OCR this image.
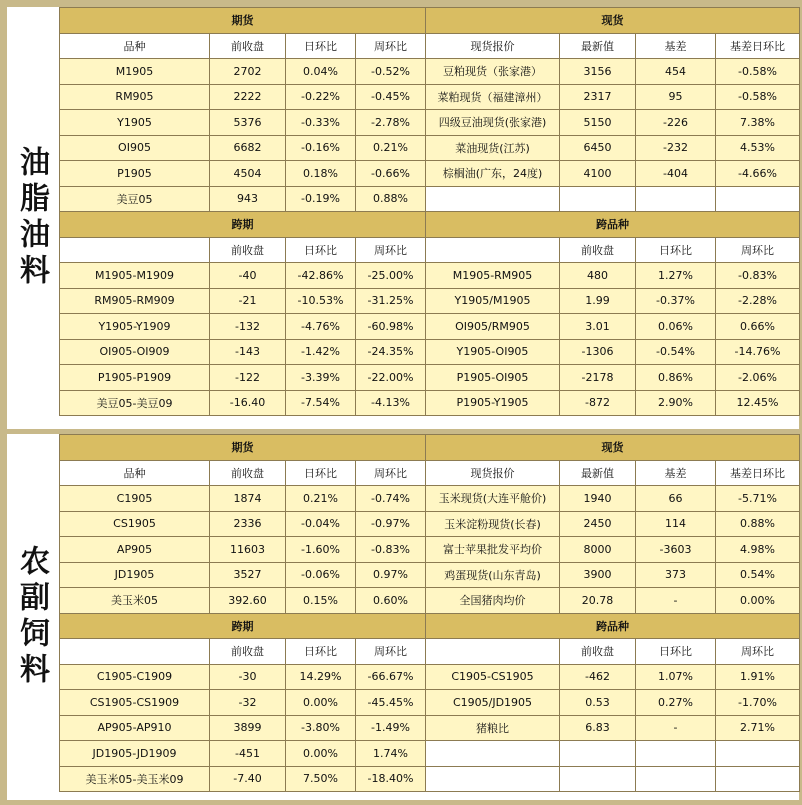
油脂油料
期货				现货			
品种	前收盘	日环比	周环比	现货报价	最新值	基差	基差日环比
M1905	2702	0.04%	-0.52%	豆粕现货（张家港）	3156	454	-0.58%
RM905	2222	-0.22%	-0.45%	菜粕现货（福建漳州）	2317	95	-0.58%
Y1905	5376	-0.33%	-2.78%	四级豆油现货(张家港)	5150	-226	7.38%
OI905	6682	-0.16%	0.21%	菜油现货(江苏)	6450	-232	4.53%
P1905	4504	0.18%	-0.66%	棕榈油(广东，24度)	4100	-404	-4.66%
美豆05	943	-0.19%	0.88%				
跨期				跨品种			
	前收盘	日环比	周环比		前收盘	日环比	周环比
M1905-M1909	-40	-42.86%	-25.00%	M1905-RM905	480	1.27%	-0.83%
RM905-RM909	-21	-10.53%	-31.25%	Y1905/M1905	1.99	-0.37%	-2.28%
Y1905-Y1909	-132	-4.76%	-60.98%	OI905/RM905	3.01	0.06%	0.66%
OI905-OI909	-143	-1.42%	-24.35%	Y1905-OI905	-1306	-0.54%	-14.76%
P1905-P1909	-122	-3.39%	-22.00%	P1905-OI905	-2178	0.86%	-2.06%
美豆05-美豆09	-16.40	-7.54%	-4.13%	P1905-Y1905	-872	2.90%	12.45%
农副饲料
期货				现货			
品种	前收盘	日环比	周环比	现货报价	最新值	基差	基差日环比
C1905	1874	0.21%	-0.74%	玉米现货(大连平舱价)	1940	66	-5.71%
CS1905	2336	-0.04%	-0.97%	玉米淀粉现货(长春)	2450	114	0.88%
AP905	11603	-1.60%	-0.83%	富士苹果批发平均价	8000	-3603	4.98%
JD1905	3527	-0.06%	0.97%	鸡蛋现货(山东青岛)	3900	373	0.54%
美玉米05	392.60	0.15%	0.60%	全国猪肉均价	20.78	-	0.00%
跨期				跨品种			
	前收盘	日环比	周环比		前收盘	日环比	周环比
C1905-C1909	-30	14.29%	-66.67%	C1905-CS1905	-462	1.07%	1.91%
CS1905-CS1909	-32	0.00%	-45.45%	C1905/JD1905	0.53	0.27%	-1.70%
AP905-AP910	3899	-3.80%	-1.49%	猪粮比	6.83	-	2.71%
JD1905-JD1909	-451	0.00%	1.74%				
美玉米05-美玉米09	-7.40	7.50%	-18.40%				
